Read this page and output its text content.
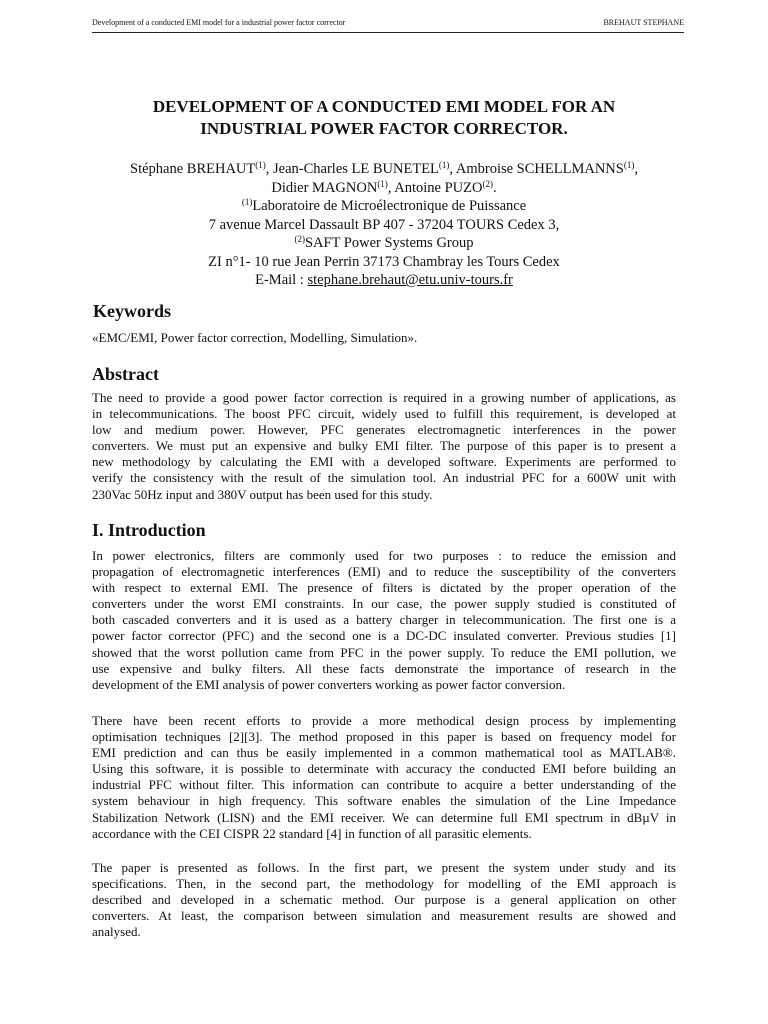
Development of a conducted EMI model for a industrial power factor corrector	BREHAUT STEPHANE
DEVELOPMENT OF A CONDUCTED EMI MODEL FOR AN
INDUSTRIAL POWER FACTOR CORRECTOR.
Stéphane BREHAUT$^{(1)}$, Jean-Charles LE BUNETEL$^{(1)}$, Ambroise SCHELLMANNS$^{(1)}$,
Didier MAGNON$^{(1)}$, Antoine PUZO$^{(2)}$.
$^{(1)}$Laboratoire de Microélectronique de Puissance
7 avenue Marcel Dassault BP 407 - 37204 TOURS Cedex 3,
$^{(2)}$SAFT Power Systems Group
ZI n°1- 10 rue Jean Perrin 37173 Chambray les Tours Cedex
E-Mail : stephane.brehaut@etu.univ-tours.fr
Keywords
«EMC/EMI, Power factor correction, Modelling, Simulation».
Abstract
The need to provide a good power factor correction is required in a growing number of applications, as
in telecommunications. The boost PFC circuit, widely used to fulfill this requirement, is developed at
low and medium power. However, PFC generates electromagnetic interferences in the power
converters. We must put an expensive and bulky EMI filter. The purpose of this paper is to present a
new methodology by calculating the EMI with a developed software. Experiments are performed to
verify the consistency with the result of the simulation tool. An industrial PFC for a 600W unit with
230Vac 50Hz input and 380V output has been used for this study.
I. Introduction
In power electronics, filters are commonly used for two purposes : to reduce the emission and
propagation of electromagnetic interferences (EMI) and to reduce the susceptibility of the converters
with respect to external EMI. The presence of filters is dictated by the proper operation of the
converters under the worst EMI constraints. In our case, the power supply studied is constituted of
both cascaded converters and it is used as a battery charger in telecommunication. The first one is a
power factor corrector (PFC) and the second one is a DC-DC insulated converter. Previous studies [1]
showed that the worst pollution came from PFC in the power supply. To reduce the EMI pollution, we
use expensive and bulky filters. All these facts demonstrate the importance of research in the
development of the EMI analysis of power converters working as power factor conversion.
There have been recent efforts to provide a more methodical design process by implementing
optimisation techniques [2][3]. The method proposed in this paper is based on frequency model for
EMI prediction and can thus be easily implemented in a common mathematical tool as MATLAB®.
Using this software, it is possible to determinate with accuracy the conducted EMI before building an
industrial PFC without filter. This information can contribute to acquire a better understanding of the
system behaviour in high frequency. This software enables the simulation of the Line Impedance
Stabilization Network (LISN) and the EMI receiver. We can determine full EMI spectrum in dBµV in
accordance with the CEI CISPR 22 standard [4] in function of all parasitic elements.
The paper is presented as follows. In the first part, we present the system under study and its
specifications. Then, in the second part, the methodology for modelling of the EMI approach is
described and developed in a schematic method. Our purpose is a general application on other
converters. At least, the comparison between simulation and measurement results are showed and
analysed.
